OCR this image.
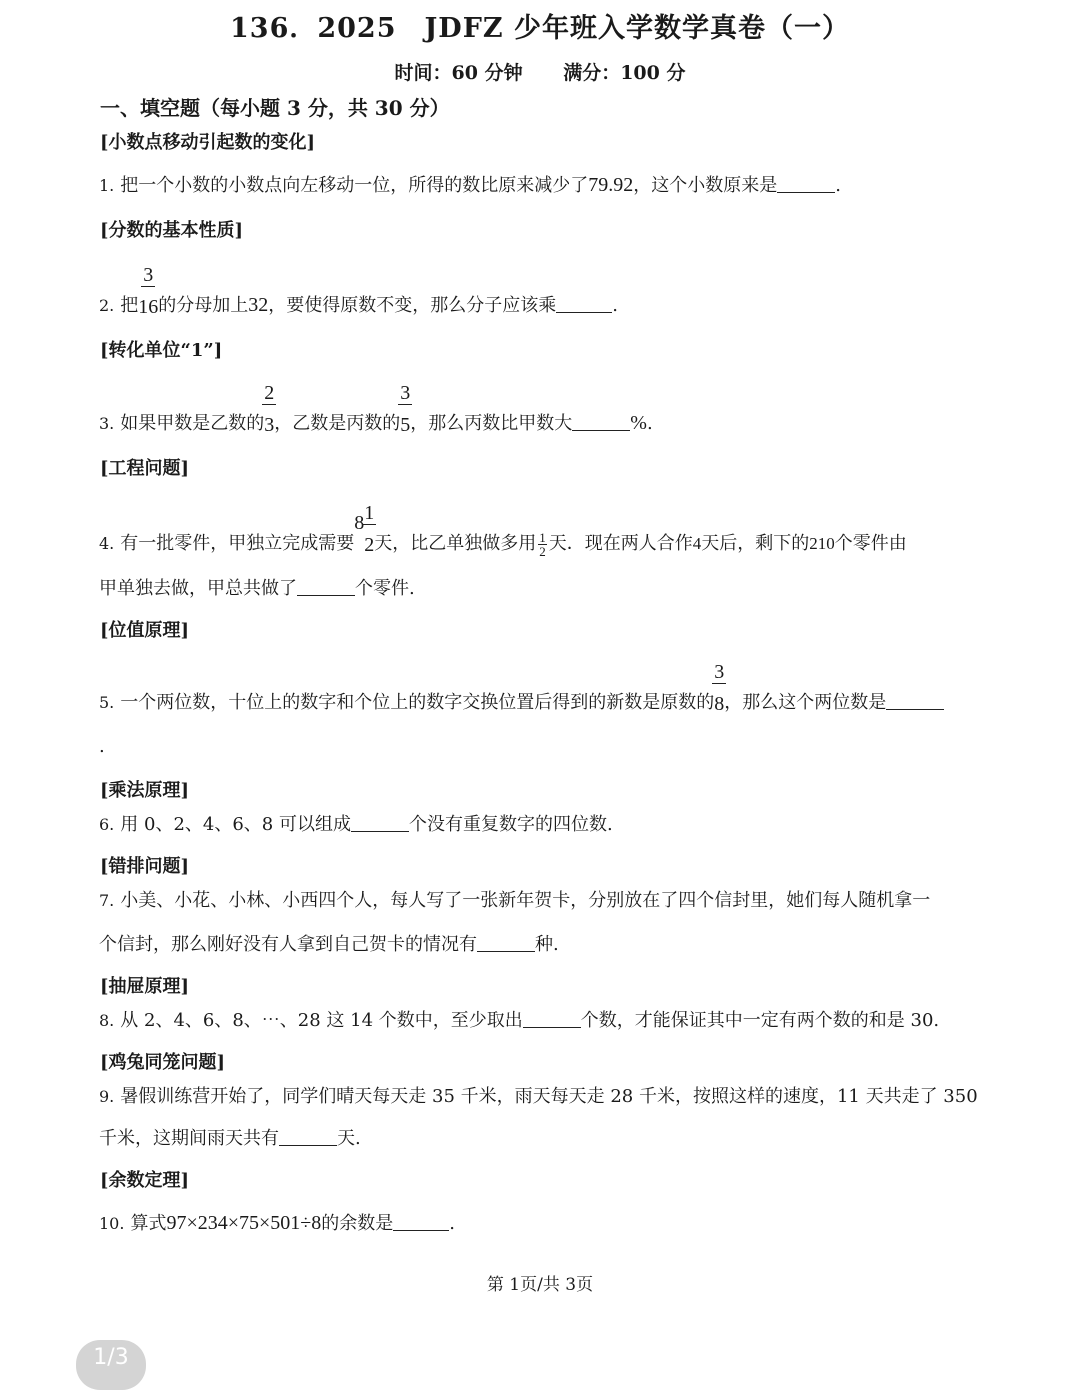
136．2025　JDFZ 少年班入学数学真卷（一）
时间：60 分钟 满分：100 分
一、填空题（每小题 3 分，共 30 分）
[小数点移动引起数的变化]
1. 把一个小数的小数点向左移动一位，所得的数比原来减少了79.92，这个小数原来是	.
[分数的基本性质]
2. 把 $\frac{3}{16}$的分母加上32，要使得原数不变，那么分子应该乘	.
[转化单位“1”]
3. 如果甲数是乙数的 $\frac{2}{3}$，乙数是丙数的 $\frac{3}{5}$，那么丙数比甲数大	%.
[工程问题]
4. 有一批零件，甲独立完成需要8
$\frac{1}{2}$天，比乙单独做多用 $\frac{1}{2}$ 天．现在两人合作4天后，剩下的210个零件由
甲单独去做，甲总共做了	个零件.
[位值原理]
5. 一个两位数，十位上的数字和个位上的数字交换位置后得到的新数是原数的 $\frac{3}{8}$，那么这个两位数是
.
[乘法原理]
6. 用 0、2、4、6、8 可以组成	个没有重复数字的四位数.
[错排问题]
7. 小美、小花、小林、小西四个人，每人写了一张新年贺卡，分别放在了四个信封里，她们每人随机拿一
个信封，那么刚好没有人拿到自己贺卡的情况有	种.
[抽屉原理]
8. 从 2、4、6、8、⋯、28 这 14 个数中，至少取出	个数，才能保证其中一定有两个数的和是 30.
[鸡兔同笼问题]
9. 暑假训练营开始了，同学们晴天每天走 35 千米，雨天每天走 28 千米，按照这样的速度，11 天共走了 350
千米，这期间雨天共有	天.
[余数定理]
10. 算式97×234×75×501÷8的余数是	.
第 1页/共 3页
1/3
